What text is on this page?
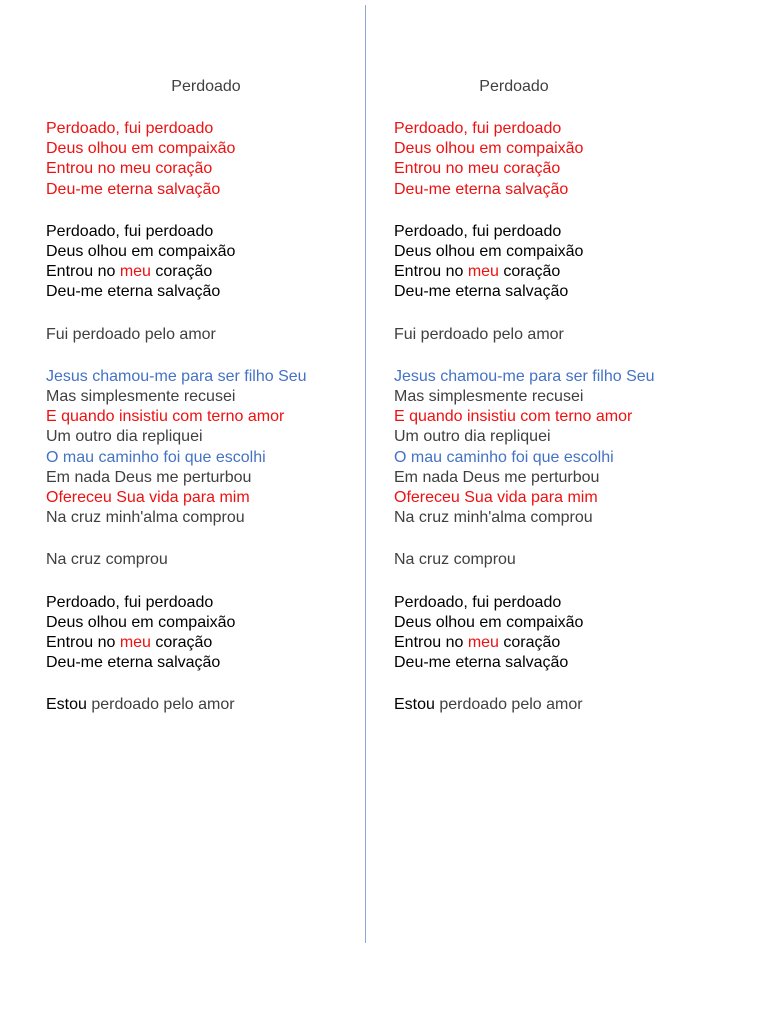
Perdoado
Perdoado, fui perdoado
Deus olhou em compaixão
Entrou no meu coração
Deu-me eterna salvação
Perdoado, fui perdoado
Deus olhou em compaixão
Entrou no meu coração
Deu-me eterna salvação
Fui perdoado pelo amor
Jesus chamou-me para ser filho Seu
Mas simplesmente recusei
E quando insistiu com terno amor
Um outro dia repliquei
O mau caminho foi que escolhi
Em nada Deus me perturbou
Ofereceu Sua vida para mim
Na cruz minh'alma comprou
Na cruz comprou
Perdoado, fui perdoado
Deus olhou em compaixão
Entrou no meu coração
Deu-me eterna salvação
Estou perdoado pelo amor
Perdoado
Perdoado, fui perdoado
Deus olhou em compaixão
Entrou no meu coração
Deu-me eterna salvação
Perdoado, fui perdoado
Deus olhou em compaixão
Entrou no meu coração
Deu-me eterna salvação
Fui perdoado pelo amor
Jesus chamou-me para ser filho Seu
Mas simplesmente recusei
E quando insistiu com terno amor
Um outro dia repliquei
O mau caminho foi que escolhi
Em nada Deus me perturbou
Ofereceu Sua vida para mim
Na cruz minh'alma comprou
Na cruz comprou
Perdoado, fui perdoado
Deus olhou em compaixão
Entrou no meu coração
Deu-me eterna salvação
Estou perdoado pelo amor
